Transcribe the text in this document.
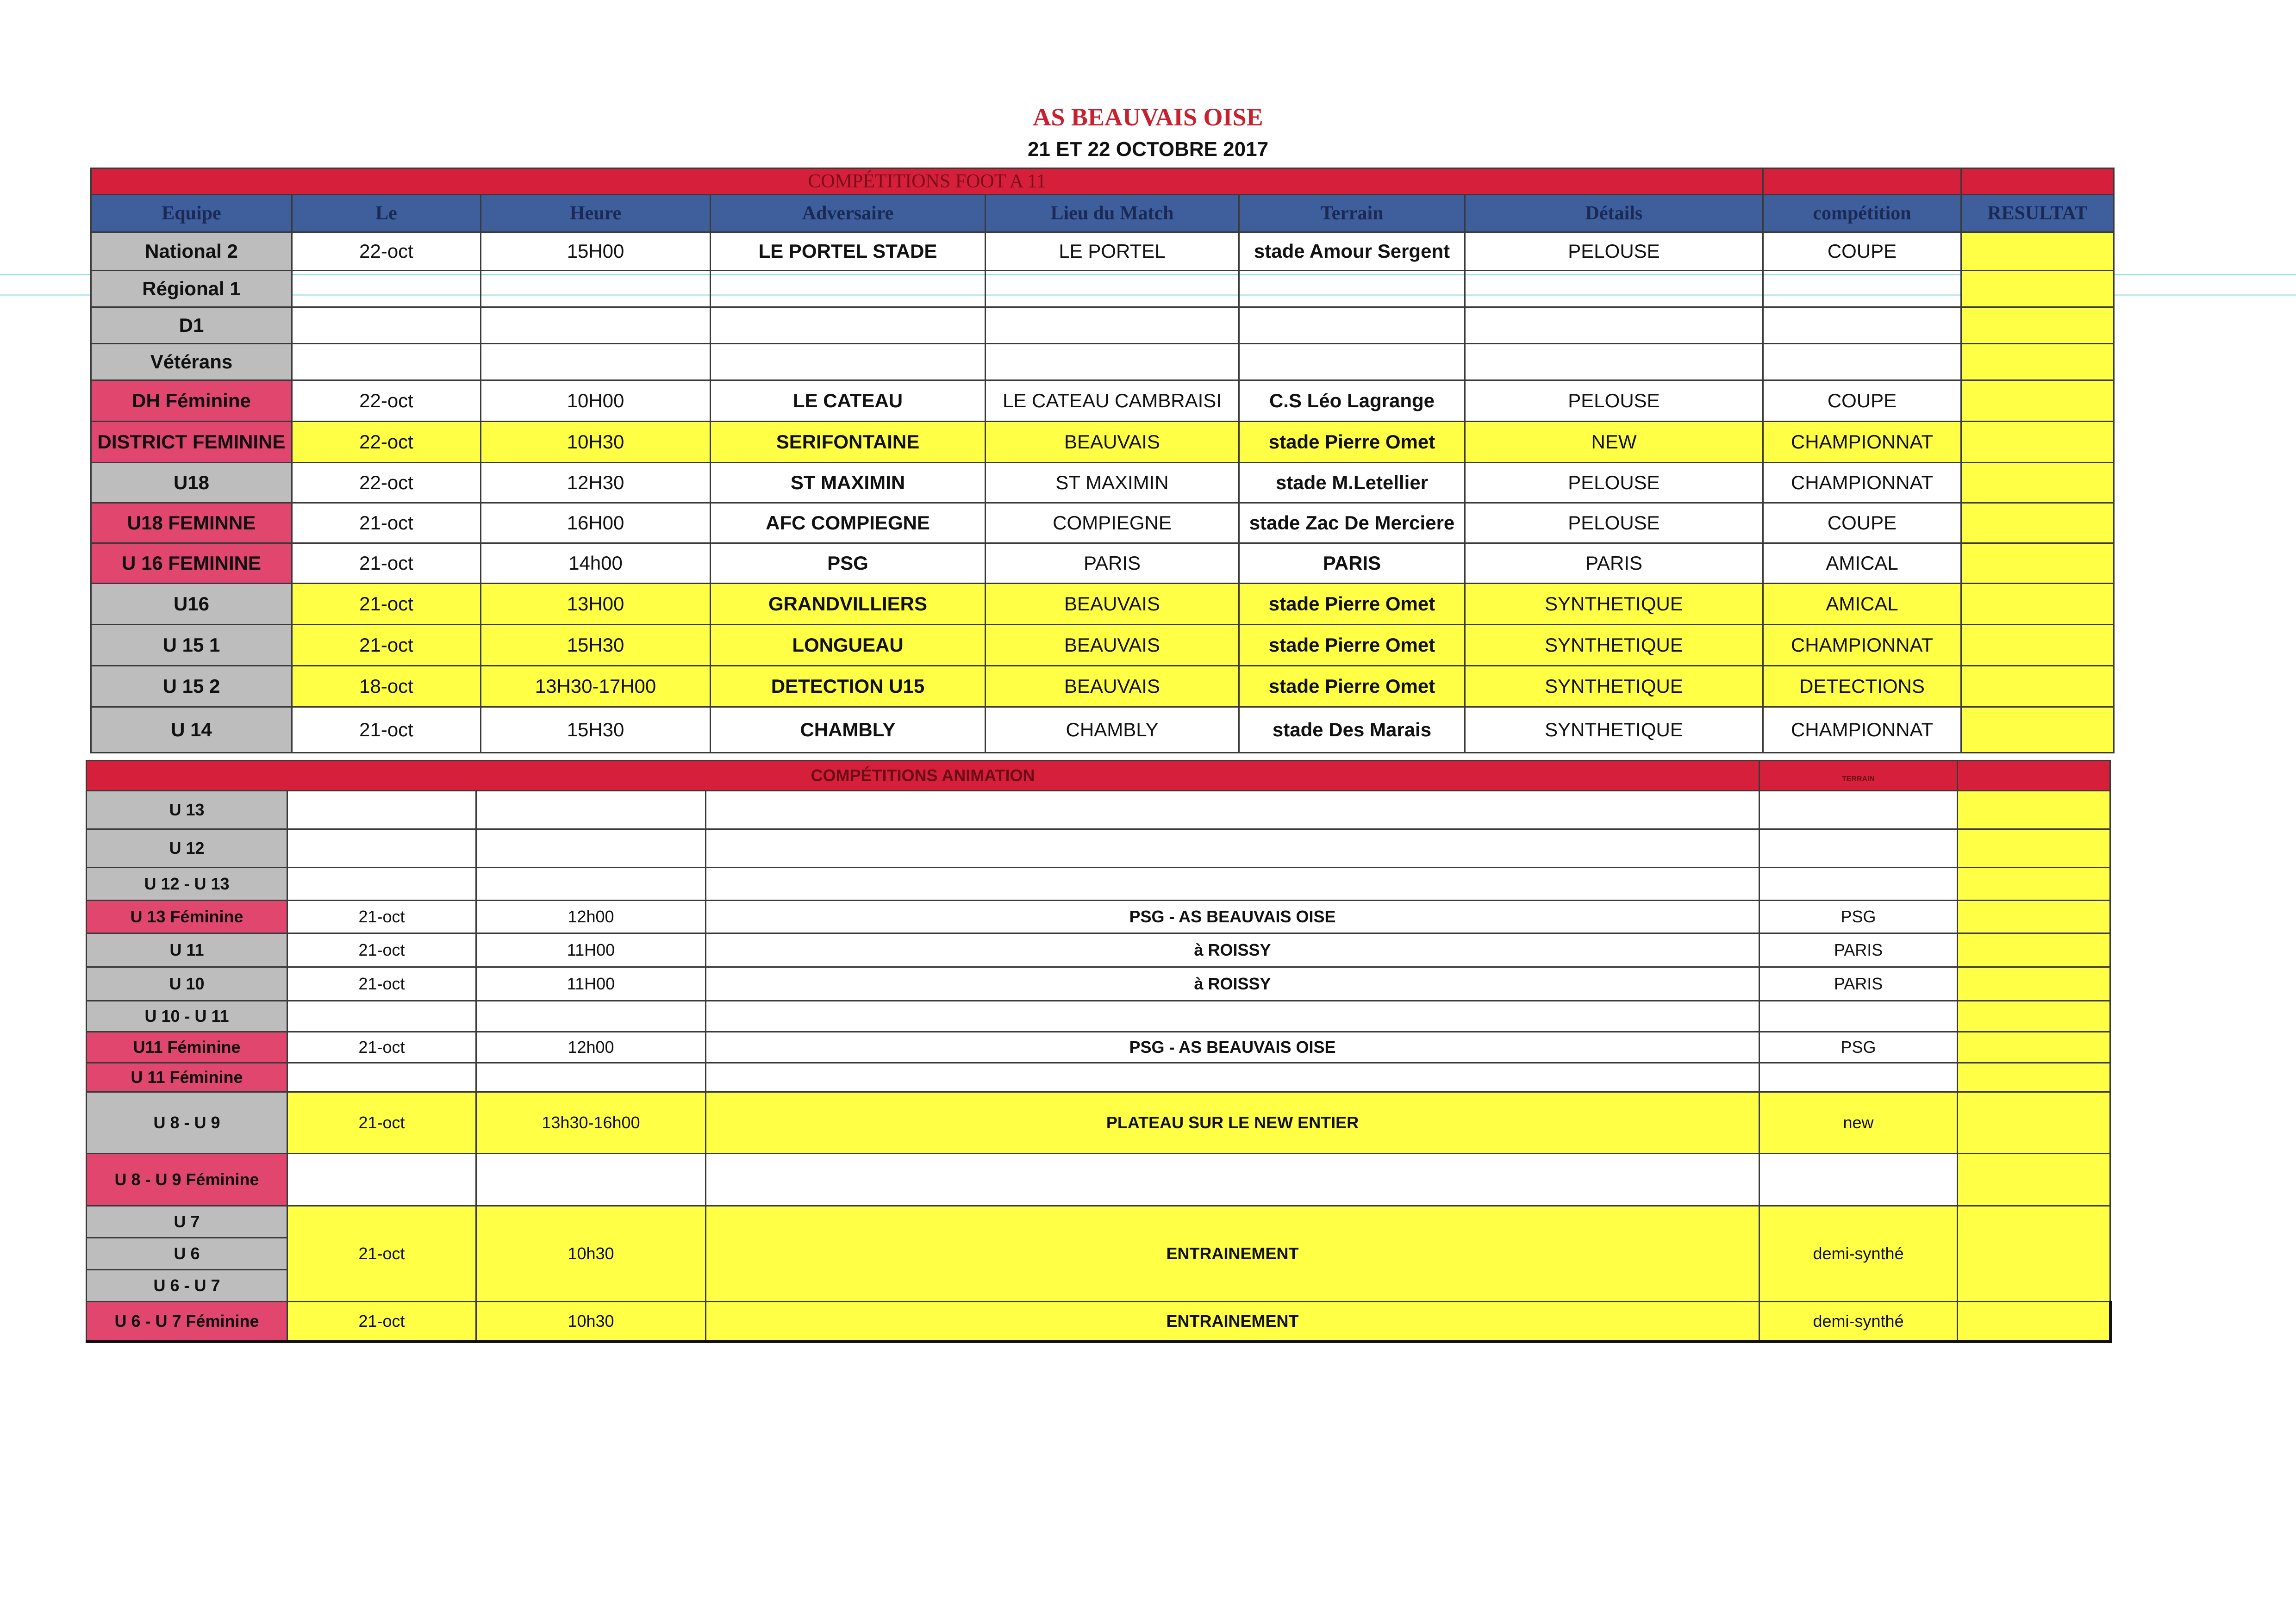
AS BEAUVAIS OISE
21 ET 22 OCTOBRE 2017
COMPÉTITIONS FOOT A 11								
Equipe	Le	Heure	Adversaire	Lieu du Match	Terrain	Détails	compétition	RESULTAT
National 2	22-oct	15H00	LE PORTEL STADE	LE PORTEL	stade Amour Sergent	PELOUSE	COUPE	
Régional 1								
D1								
Vétérans								
DH Féminine	22-oct	10H00	LE CATEAU	LE CATEAU CAMBRAISI	C.S Léo Lagrange	PELOUSE	COUPE	
DISTRICT FEMININE	22-oct	10H30	SERIFONTAINE	BEAUVAIS	stade Pierre Omet	NEW	CHAMPIONNAT	
U18	22-oct	12H30	ST MAXIMIN	ST MAXIMIN	stade M.Letellier	PELOUSE	CHAMPIONNAT	
U18 FEMINNE	21-oct	16H00	AFC COMPIEGNE	COMPIEGNE	stade Zac De Merciere	PELOUSE	COUPE	
U 16 FEMININE	21-oct	14h00	PSG	PARIS	PARIS	PARIS	AMICAL	
U16	21-oct	13H00	GRANDVILLIERS	BEAUVAIS	stade Pierre Omet	SYNTHETIQUE	AMICAL	
U 15 1	21-oct	15H30	LONGUEAU	BEAUVAIS	stade Pierre Omet	SYNTHETIQUE	CHAMPIONNAT	
U 15 2	18-oct	13H30-17H00	DETECTION U15	BEAUVAIS	stade Pierre Omet	SYNTHETIQUE	DETECTIONS	
U 14	21-oct	15H30	CHAMBLY	CHAMBLY	stade Des Marais	SYNTHETIQUE	CHAMPIONNAT	
COMPÉTITIONS ANIMATION				TERRAIN	
U 13					
U 12					
U 12 - U 13					
U 13 Féminine	21-oct	12h00	PSG - AS BEAUVAIS OISE	PSG	
U 11	21-oct	11H00	à ROISSY	PARIS	
U 10	21-oct	11H00	à ROISSY	PARIS	
U 10 - U 11					
U11 Féminine	21-oct	12h00	PSG - AS BEAUVAIS OISE	PSG	
U 11 Féminine					
U 8 - U 9	21-oct	13h30-16h00	PLATEAU SUR LE NEW ENTIER	new	
U 8 - U 9 Féminine					

U 7
U 6
U 6 - U 7	21-oct	10h30	ENTRAINEMENT	demi-synthé	
U 6 - U 7 Féminine	21-oct	10h30	ENTRAINEMENT	demi-synthé	
